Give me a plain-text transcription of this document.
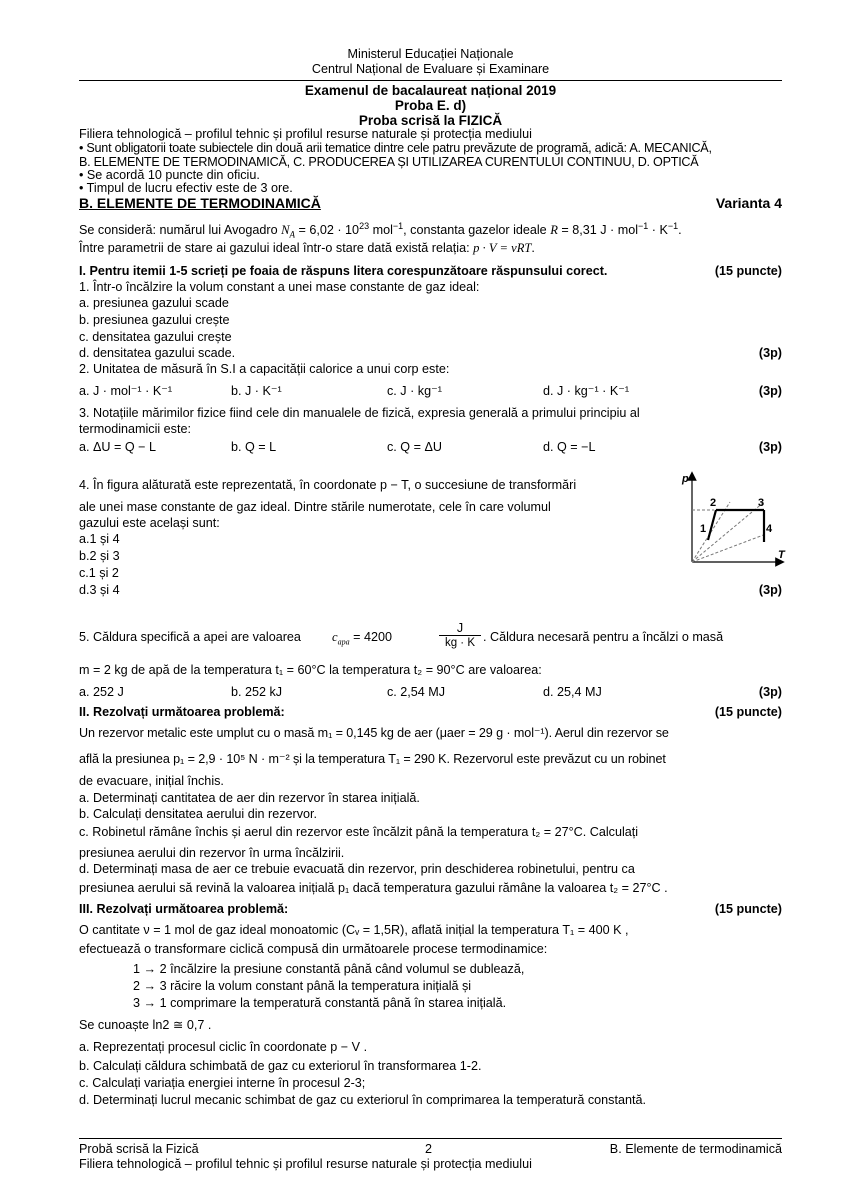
Ministerul Educației Naționale
Centrul Național de Evaluare și Examinare
Examenul de bacalaureat național 2019
Proba E. d)
Proba scrisă la FIZICĂ
Filiera tehnologică – profilul tehnic și profilul resurse naturale și protecția mediului
• Sunt obligatorii toate subiectele din două arii tematice dintre cele patru prevăzute de programă, adică: A. MECANICĂ,
B. ELEMENTE DE TERMODINAMICĂ, C. PRODUCEREA ȘI UTILIZAREA CURENTULUI CONTINUU, D. OPTICĂ
• Se acordă 10 puncte din oficiu.
• Timpul de lucru efectiv este de 3 ore.
B. ELEMENTE DE TERMODINAMICĂ	Varianta 4
Se consideră: numărul lui Avogadro $N_A = 6,02 \cdot 10^{23}$ mol$^{-1}$, constanta gazelor ideale R = 8,31 $J \cdot mol^{-1} \cdot K^{-1}$.
Între parametrii de stare ai gazului ideal într-o stare dată există relația: p · V = νRT.
I. Pentru itemii 1-5 scrieți pe foaia de răspuns litera corespunzătoare răspunsului corect.	(15 puncte)
1. Într-o încălzire la volum constant a unei mase constante de gaz ideal:
a. presiunea gazului scade
b. presiunea gazului crește
c. densitatea gazului crește
d. densitatea gazului scade.	(3p)
2. Unitatea de măsură în S.I a capacității calorice a unui corp este:
a. J · mol⁻¹ · K⁻¹	b. J · K⁻¹	c. J · kg⁻¹	d. J · kg⁻¹ · K⁻¹	(3p)
3. Notațiile mărimilor fizice fiind cele din manualele de fizică, expresia generală a primului principiu al
termodinamicii este:
a. ΔU = Q − L	b. Q = L	c. Q = ΔU	d. Q = −L	(3p)
4. În figura alăturată este reprezentată, în coordonate p − T, o succesiune de transformări
ale unei mase constante de gaz ideal. Dintre stările numerotate, cele în care volumul
gazului este același sunt:
a.1 și 4
b.2 și 3
c.1 și 2
d.3 și 4	(3p)
p
T
1
2	3
4
5. Căldura specifică a apei are valoarea $c_{apa} = 4200$
J
kg · K . Căldura necesară pentru a încălzi o masă
m = 2 kg de apă de la temperatura t₁ = 60°C la temperatura t₂ = 90°C are valoarea:
a. 252 J	b. 252 kJ	c. 2,54 MJ	d. 25,4 MJ	(3p)
II. Rezolvați următoarea problemă:	(15 puncte)
Un rezervor metalic este umplut cu o masă m₁ = 0,145 kg de aer (μaer = 29 g · mol⁻¹). Aerul din rezervor se
află la presiunea p₁ = 2,9 · 10⁵ N · m⁻² și la temperatura T₁ = 290 K. Rezervorul este prevăzut cu un robinet
de evacuare, inițial închis.
a. Determinați cantitatea de aer din rezervor în starea inițială.
b. Calculați densitatea aerului din rezervor.
c. Robinetul rămâne închis și aerul din rezervor este încălzit până la temperatura t₂ = 27°C. Calculați
presiunea aerului din rezervor în urma încălzirii.
d. Determinați masa de aer ce trebuie evacuată din rezervor, prin deschiderea robinetului, pentru ca
presiunea aerului să revină la valoarea inițială p₁ dacă temperatura gazului rămâne la valoarea t₂ = 27°C .
III. Rezolvați următoarea problemă:	(15 puncte)
O cantitate ν = 1 mol de gaz ideal monoatomic (Cᵥ = 1,5R), aflată inițial la temperatura T₁ = 400 K ,
efectuează o transformare ciclică compusă din următoarele procese termodinamice:
1 → 2 încălzire la presiune constantă până când volumul se dublează,
2 → 3 răcire la volum constant până la temperatura inițială și
3 → 1 comprimare la temperatură constantă până în starea inițială.
Se cunoaște ln2 ≅ 0,7 .
a. Reprezentați procesul ciclic în coordonate p − V .
b. Calculați căldura schimbată de gaz cu exteriorul în transformarea 1-2.
c. Calculați variația energiei interne în procesul 2-3;
d. Determinați lucrul mecanic schimbat de gaz cu exteriorul în comprimarea la temperatură constantă.
Probă scrisă la Fizică	2	B. Elemente de termodinamică
Filiera tehnologică – profilul tehnic și profilul resurse naturale și protecția mediului
